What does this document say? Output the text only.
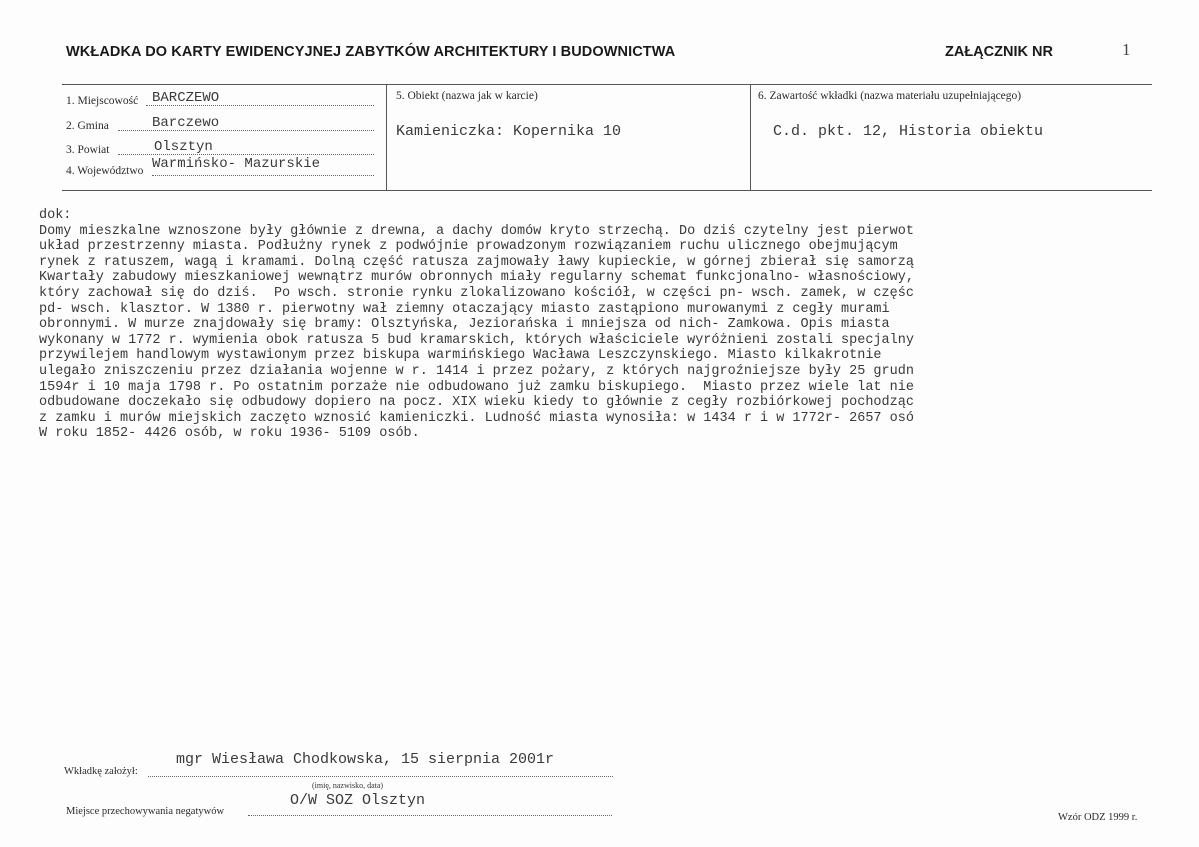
WKŁADKA DO KARTY EWIDENCYJNEJ ZABYTKÓW ARCHITEKTURY I BUDOWNICTWA	ZAŁĄCZNIK NR	1
1. Miejscowość BARCZEWO
2. Gmina	Barczewo
3. Powiat	Olsztyn
4. Województwo Warmińsko- Mazurskie
5. Obiekt (nazwa jak w karcie)
Kamieniczka: Kopernika 10
6. Zawartość wkładki (nazwa materiału uzupełniającego)
C.d. pkt. 12, Historia obiektu
dok:
Domy mieszkalne wznoszone były głównie z drewna, a dachy domów kryto strzechą. Do dziś czytelny jest pierwot
układ przestrzenny miasta. Podłużny rynek z podwójnie prowadzonym rozwiązaniem ruchu ulicznego obejmującym
rynek z ratuszem, wagą i kramami. Dolną część ratusza zajmowały ławy kupieckie, w górnej zbierał się samorzą
Kwartały zabudowy mieszkaniowej wewnątrz murów obronnych miały regularny schemat funkcjonalno- własnościowy,
który zachował się do dziś.  Po wsch. stronie rynku zlokalizowano kościół, w części pn- wsch. zamek, w częśc
pd- wsch. klasztor. W 1380 r. pierwotny wał ziemny otaczający miasto zastąpiono murowanymi z cegły murami
obronnymi. W murze znajdowały się bramy: Olsztyńska, Jeziorańska i mniejsza od nich- Zamkowa. Opis miasta
wykonany w 1772 r. wymienia obok ratusza 5 bud kramarskich, których właściciele wyróżnieni zostali specjalny
przywilejem handlowym wystawionym przez biskupa warmińskiego Wacława Leszczynskiego. Miasto kilkakrotnie
ulegało zniszczeniu przez działania wojenne w r. 1414 i przez pożary, z których najgroźniejsze były 25 grudn
1594r i 10 maja 1798 r. Po ostatnim porzaże nie odbudowano już zamku biskupiego.  Miasto przez wiele lat nie
odbudowane doczekało się odbudowy dopiero na pocz. XIX wieku kiedy to głównie z cegły rozbiórkowej pochodząc
z zamku i murów miejskich zaczęto wznosić kamieniczki. Ludność miasta wynosiła: w 1434 r i w 1772r- 2657 osó
W roku 1852- 4426 osób, w roku 1936- 5109 osób.
Wkładkę założył:
mgr Wiesława Chodkowska, 15 sierpnia 2001r
(imię, nazwisko, data)
Miejsce przechowywania negatywów
O/W SOZ Olsztyn
Wzór ODZ 1999 r.
